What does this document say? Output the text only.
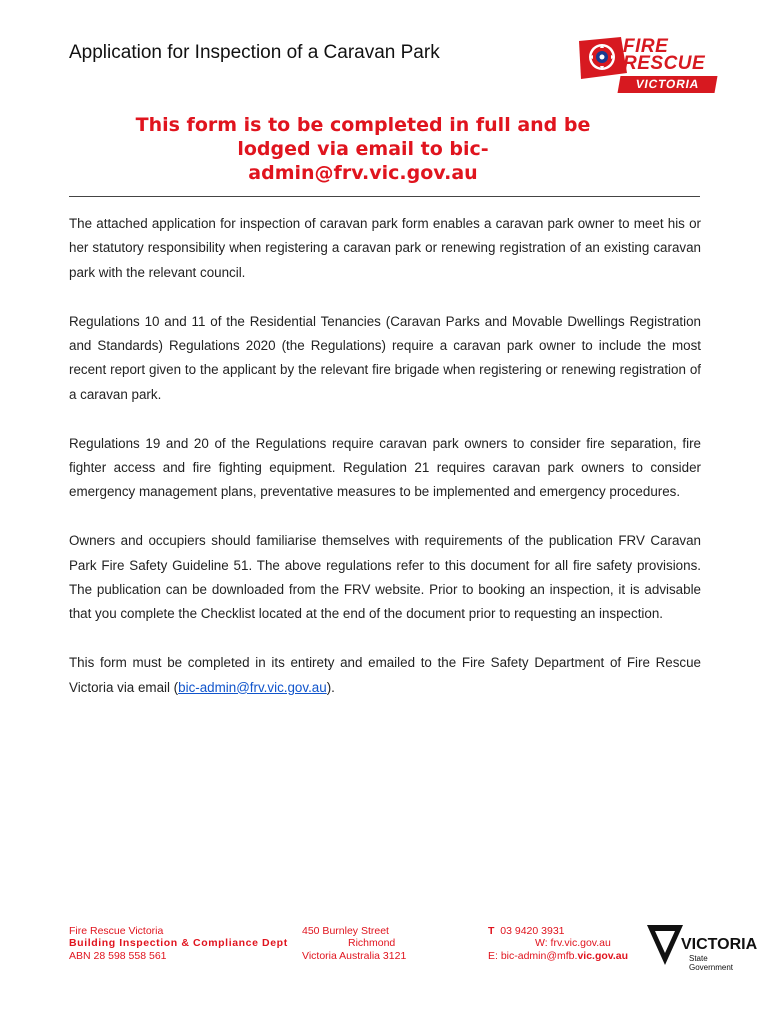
Application for Inspection of a Caravan Park	FIRE
RESCUE
VICTORIA
This form is to be completed in full and be lodged via email to bic-admin@frv.vic.gov.au

The attached application for inspection of caravan park form enables a caravan park owner to meet his or her statutory responsibility when registering a caravan park or renewing registration of an existing caravan park with the relevant council.

Regulations 10 and 11 of the Residential Tenancies (Caravan Parks and Movable Dwellings Registration and Standards) Regulations 2020 (the Regulations) require a caravan park owner to include the most recent report given to the applicant by the relevant fire brigade when registering or renewing registration of a caravan park.

Regulations 19 and 20 of the Regulations require caravan park owners to consider fire separation, fire fighter access and fire fighting equipment. Regulation 21 requires caravan park owners to consider emergency management plans, preventative measures to be implemented and emergency procedures.

Owners and occupiers should familiarise themselves with requirements of the publication FRV Caravan Park Fire Safety Guideline 51. The above regulations refer to this document for all fire safety provisions. The publication can be downloaded from the FRV website. Prior to booking an inspection, it is advisable that you complete the Checklist located at the end of the document prior to requesting an inspection.

This form must be completed in its entirety and emailed to the Fire Safety Department of Fire Rescue Victoria via email (bic-admin@frv.vic.gov.au).

Fire Rescue Victoria
Building Inspection & Compliance Dept
ABN 28 598 558 561
450 Burnley Street
Richmond
Victoria Australia 3121
T 03 9420 3931
W: frv.vic.gov.au
E: bic-admin@mfb.vic.gov.au
VICTORIA
State
Government
